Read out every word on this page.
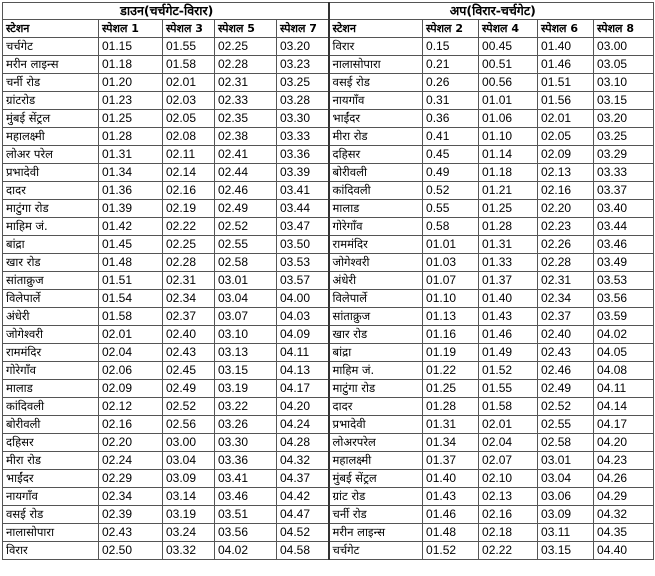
डाउन(चर्चगेट-विरार)					अप(विरार-चर्चगेट)				
स्टेशन	स्पेशल 1	स्पेशल 3	स्पेशल 5	स्पेशल 7	स्टेशन	स्पेशल 2	स्पेशल 4	स्पेशल 6	स्पेशल 8
चर्चगेट	01.15	01.55	02.25	03.20	विरार	0.15	00.45	01.40	03.00
मरीन लाइन्स	01.18	01.58	02.28	03.23	नालासोपारा	0.21	00.51	01.46	03.05
चर्नी रोड	01.20	02.01	02.31	03.25	वसई रोड	0.26	00.56	01.51	03.10
ग्रांटरोड	01.23	02.03	02.33	03.28	नायगाँव	0.31	01.01	01.56	03.15
मुंबई सेंट्रल	01.25	02.05	02.35	03.30	भाईंदर	0.36	01.06	02.01	03.20
महालक्ष्मी	01.28	02.08	02.38	03.33	मीरा रोड	0.41	01.10	02.05	03.25
लोअर परेल	01.31	02.11	02.41	03.36	दहिसर	0.45	01.14	02.09	03.29
प्रभादेवी	01.34	02.14	02.44	03.39	बोरीवली	0.49	01.18	02.13	03.33
दादर	01.36	02.16	02.46	03.41	कांदिवली	0.52	01.21	02.16	03.37
माटुंगा रोड	01.39	02.19	02.49	03.44	मालाड	0.55	01.25	02.20	03.40
माहिम जं.	01.42	02.22	02.52	03.47	गोरेगाँव	0.58	01.28	02.23	03.44
बांद्रा	01.45	02.25	02.55	03.50	राममंदिर	01.01	01.31	02.26	03.46
खार रोड	01.48	02.28	02.58	03.53	जोगेश्वरी	01.03	01.33	02.28	03.49
सांताक्रुज	01.51	02.31	03.01	03.57	अंधेरी	01.07	01.37	02.31	03.53
विलेपार्ले	01.54	02.34	03.04	04.00	विलेपार्ले	01.10	01.40	02.34	03.56
अंधेरी	01.58	02.37	03.07	04.03	सांताक्रुज	01.13	01.43	02.37	03.59
जोगेश्वरी	02.01	02.40	03.10	04.09	खार रोड	01.16	01.46	02.40	04.02
राममंदिर	02.04	02.43	03.13	04.11	बांद्रा	01.19	01.49	02.43	04.05
गोरेगाँव	02.06	02.45	03.15	04.13	माहिम जं.	01.22	01.52	02.46	04.08
मालाड	02.09	02.49	03.19	04.17	माटुंगा रोड	01.25	01.55	02.49	04.11
कांदिवली	02.12	02.52	03.22	04.20	दादर	01.28	01.58	02.52	04.14
बोरीवली	02.16	02.56	03.26	04.24	प्रभादेवी	01.31	02.01	02.55	04.17
दहिसर	02.20	03.00	03.30	04.28	लोअरपरेल	01.34	02.04	02.58	04.20
मीरा रोड	02.24	03.04	03.36	04.32	महालक्ष्मी	01.37	02.07	03.01	04.23
भाईंदर	02.29	03.09	03.41	04.37	मुंबई सेंट्रल	01.40	02.10	03.04	04.26
नायगाँव	02.34	03.14	03.46	04.42	ग्रांट रोड	01.43	02.13	03.06	04.29
वसई रोड	02.39	03.19	03.51	04.47	चर्नी रोड	01.46	02.16	03.09	04.32
नालासोपारा	02.43	03.24	03.56	04.52	मरीन लाइन्स	01.48	02.18	03.11	04.35
विरार	02.50	03.32	04.02	04.58	चर्चगेट	01.52	02.22	03.15	04.40
